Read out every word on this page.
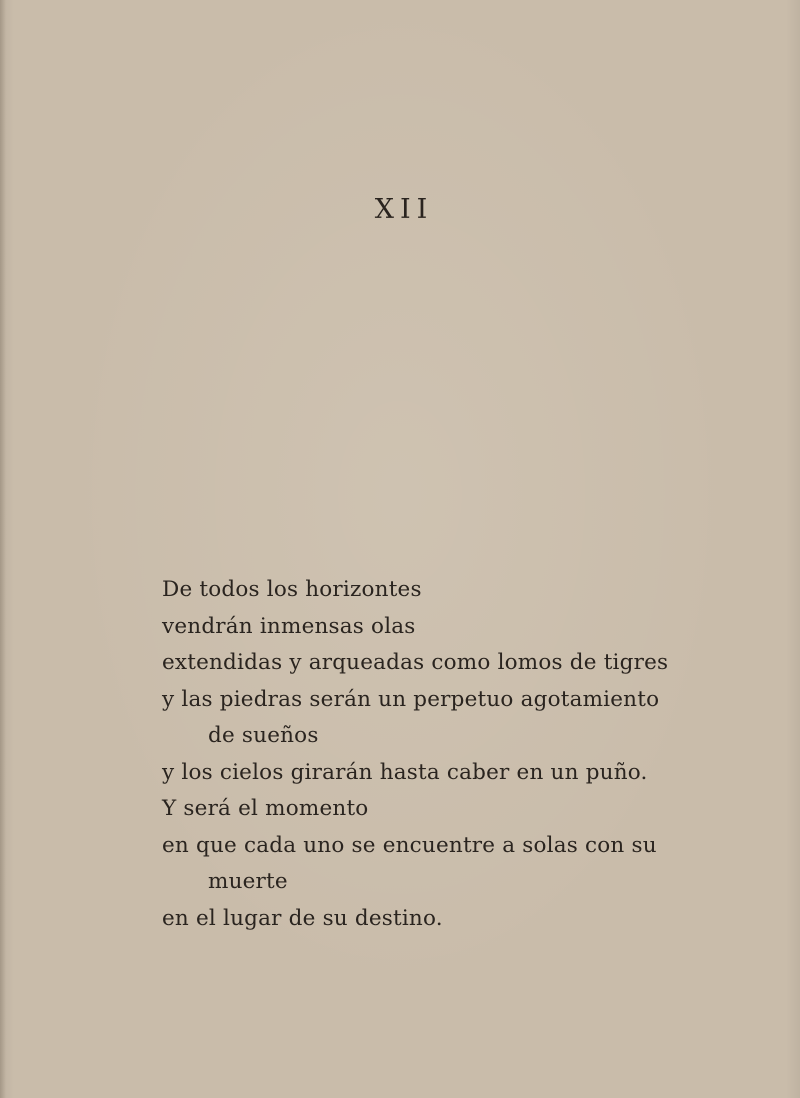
XII
De todos los horizontes
vendrán inmensas olas
extendidas y arqueadas como lomos de tigres
y las piedras serán un perpetuo agotamiento
de sueños
y los cielos girarán hasta caber en un puño.
Y será el momento
en que cada uno se encuentre a solas con su
muerte
en el lugar de su destino.
